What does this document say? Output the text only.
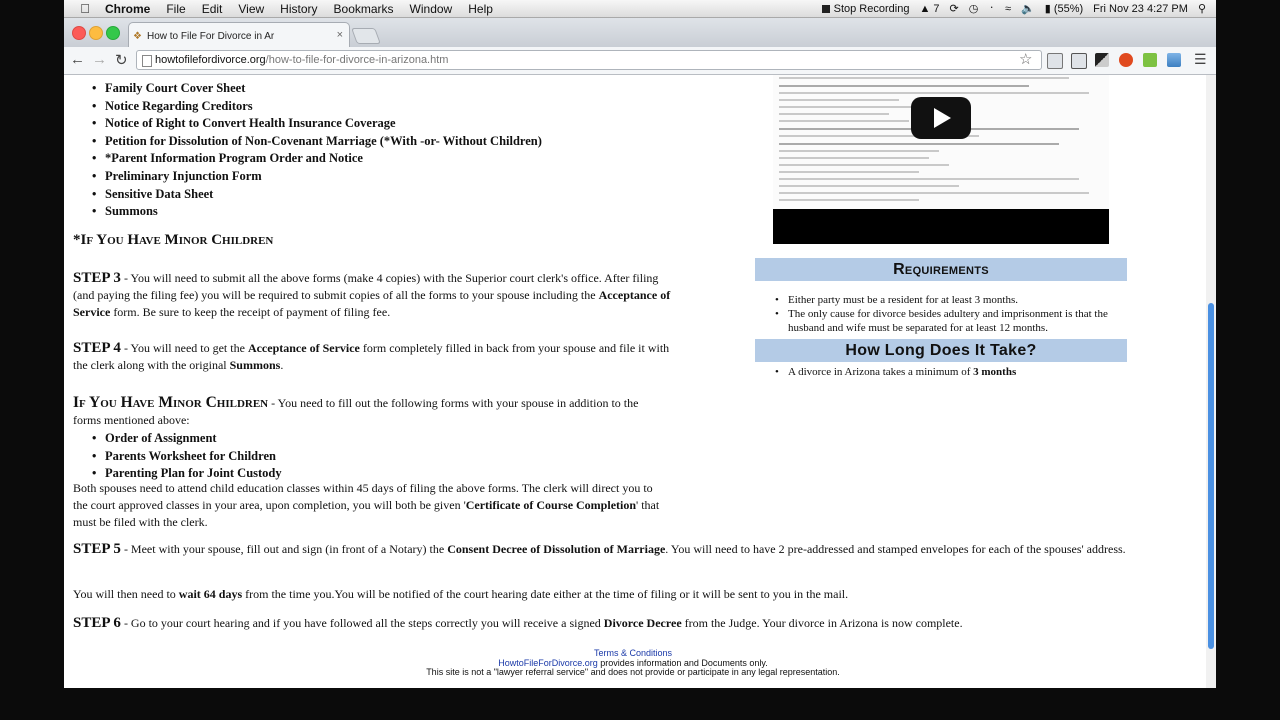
Chrome File Edit View History Bookmarks Window Help	Stop Recording ▲ 7 ⟳ ◷ ᛫ ≈ 🔈 ▮ (55%) Fri Nov 23 4:27 PM ⚲
❖ How to File For Divorce in Ar	×
← → ↻	howtofilefordivorce.org/how-to-file-for-divorce-in-arizona.htm	☆	☰
• Family Court Cover Sheet
• Notice Regarding Creditors
• Notice of Right to Convert Health Insurance Coverage
• Petition for Dissolution of Non-Covenant Marriage (*With -or- Without Children)
• *Parent Information Program Order and Notice
• Preliminary Injunction Form
• Sensitive Data Sheet
• Summons
*If You Have Minor Children
STEP 3 - You will need to submit all the above forms (make 4 copies) with the Superior court clerk's office. After filing (and paying the filing fee) you will be required to submit copies of all the forms to your spouse including the Acceptance of Service form. Be sure to keep the receipt of payment of filing fee.
STEP 4 - You will need to get the Acceptance of Service form completely filled in back from your spouse and file it with the clerk along with the original Summons.
If You Have Minor Children - You need to fill out the following forms with your spouse in addition to the forms mentioned above:
• Order of Assignment
• Parents Worksheet for Children
• Parenting Plan for Joint Custody
Both spouses need to attend child education classes within 45 days of filing the above forms. The clerk will direct you to the court approved classes in your area, upon completion, you will both be given 'Certificate of Course Completion' that must be filed with the clerk.
STEP 5 - Meet with your spouse, fill out and sign (in front of a Notary) the Consent Decree of Dissolution of Marriage. You will need to have 2 pre-addressed and stamped envelopes for each of the spouses' address.
You will then need to wait 64 days from the time you.You will be notified of the court hearing date either at the time of filing or it will be sent to you in the mail.
STEP 6 - Go to your court hearing and if you have followed all the steps correctly you will receive a signed Divorce Decree from the Judge. Your divorce in Arizona is now complete.
Requirements
• Either party must be a resident for at least 3 months.
• The only cause for divorce besides adultery and imprisonment is that the husband and wife must be separated for at least 12 months.
How Long Does It Take?
• A divorce in Arizona takes a minimum of 3 months
Terms & Conditions
HowtoFileForDivorce.org provides information and Documents only.
This site is not a "lawyer referral service" and does not provide or participate in any legal representation.
